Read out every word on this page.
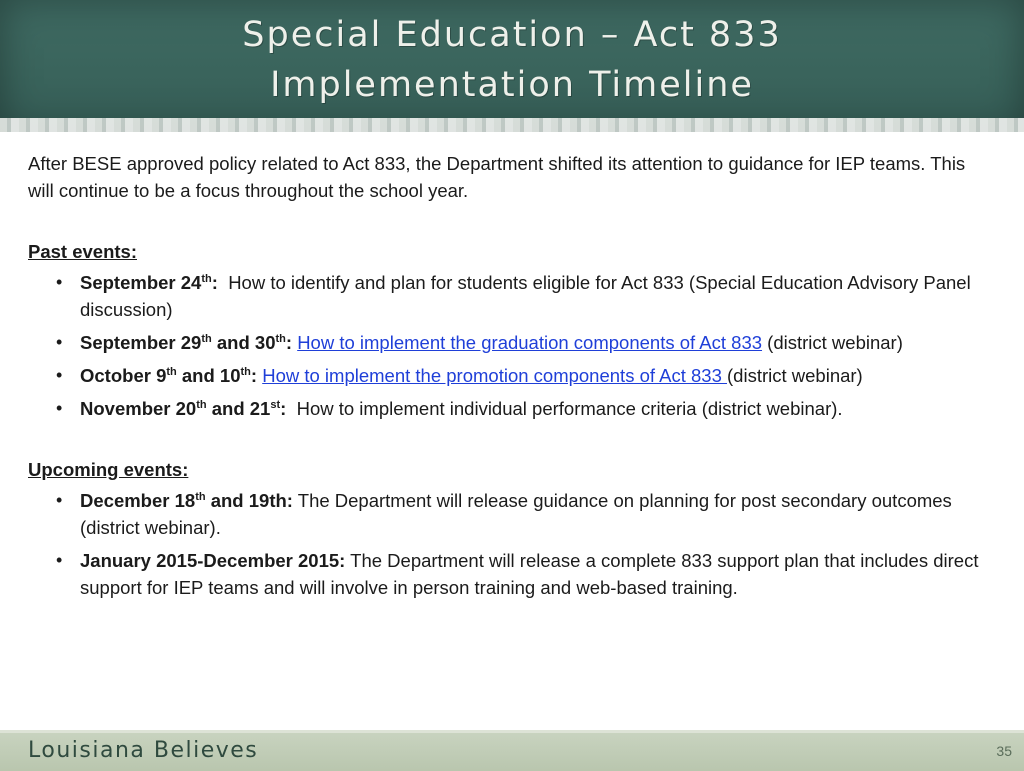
Special Education – Act 833
Implementation Timeline

After BESE approved policy related to Act 833, the Department shifted its attention to guidance for IEP teams. This will continue to be a focus throughout the school year.

Past events:
• September 24th: How to identify and plan for students eligible for Act 833 (Special Education Advisory Panel discussion)
• September 29th and 30th: How to implement the graduation components of Act 833 (district webinar)
• October 9th and 10th: How to implement the promotion components of Act 833 (district webinar)
• November 20th and 21st: How to implement individual performance criteria (district webinar).
Upcoming events:
• December 18th and 19th: The Department will release guidance on planning for post secondary outcomes (district webinar).
• January 2015-December 2015: The Department will release a complete 833 support plan that includes direct support for IEP teams and will involve in person training and web-based training.
Louisiana Believes	35
